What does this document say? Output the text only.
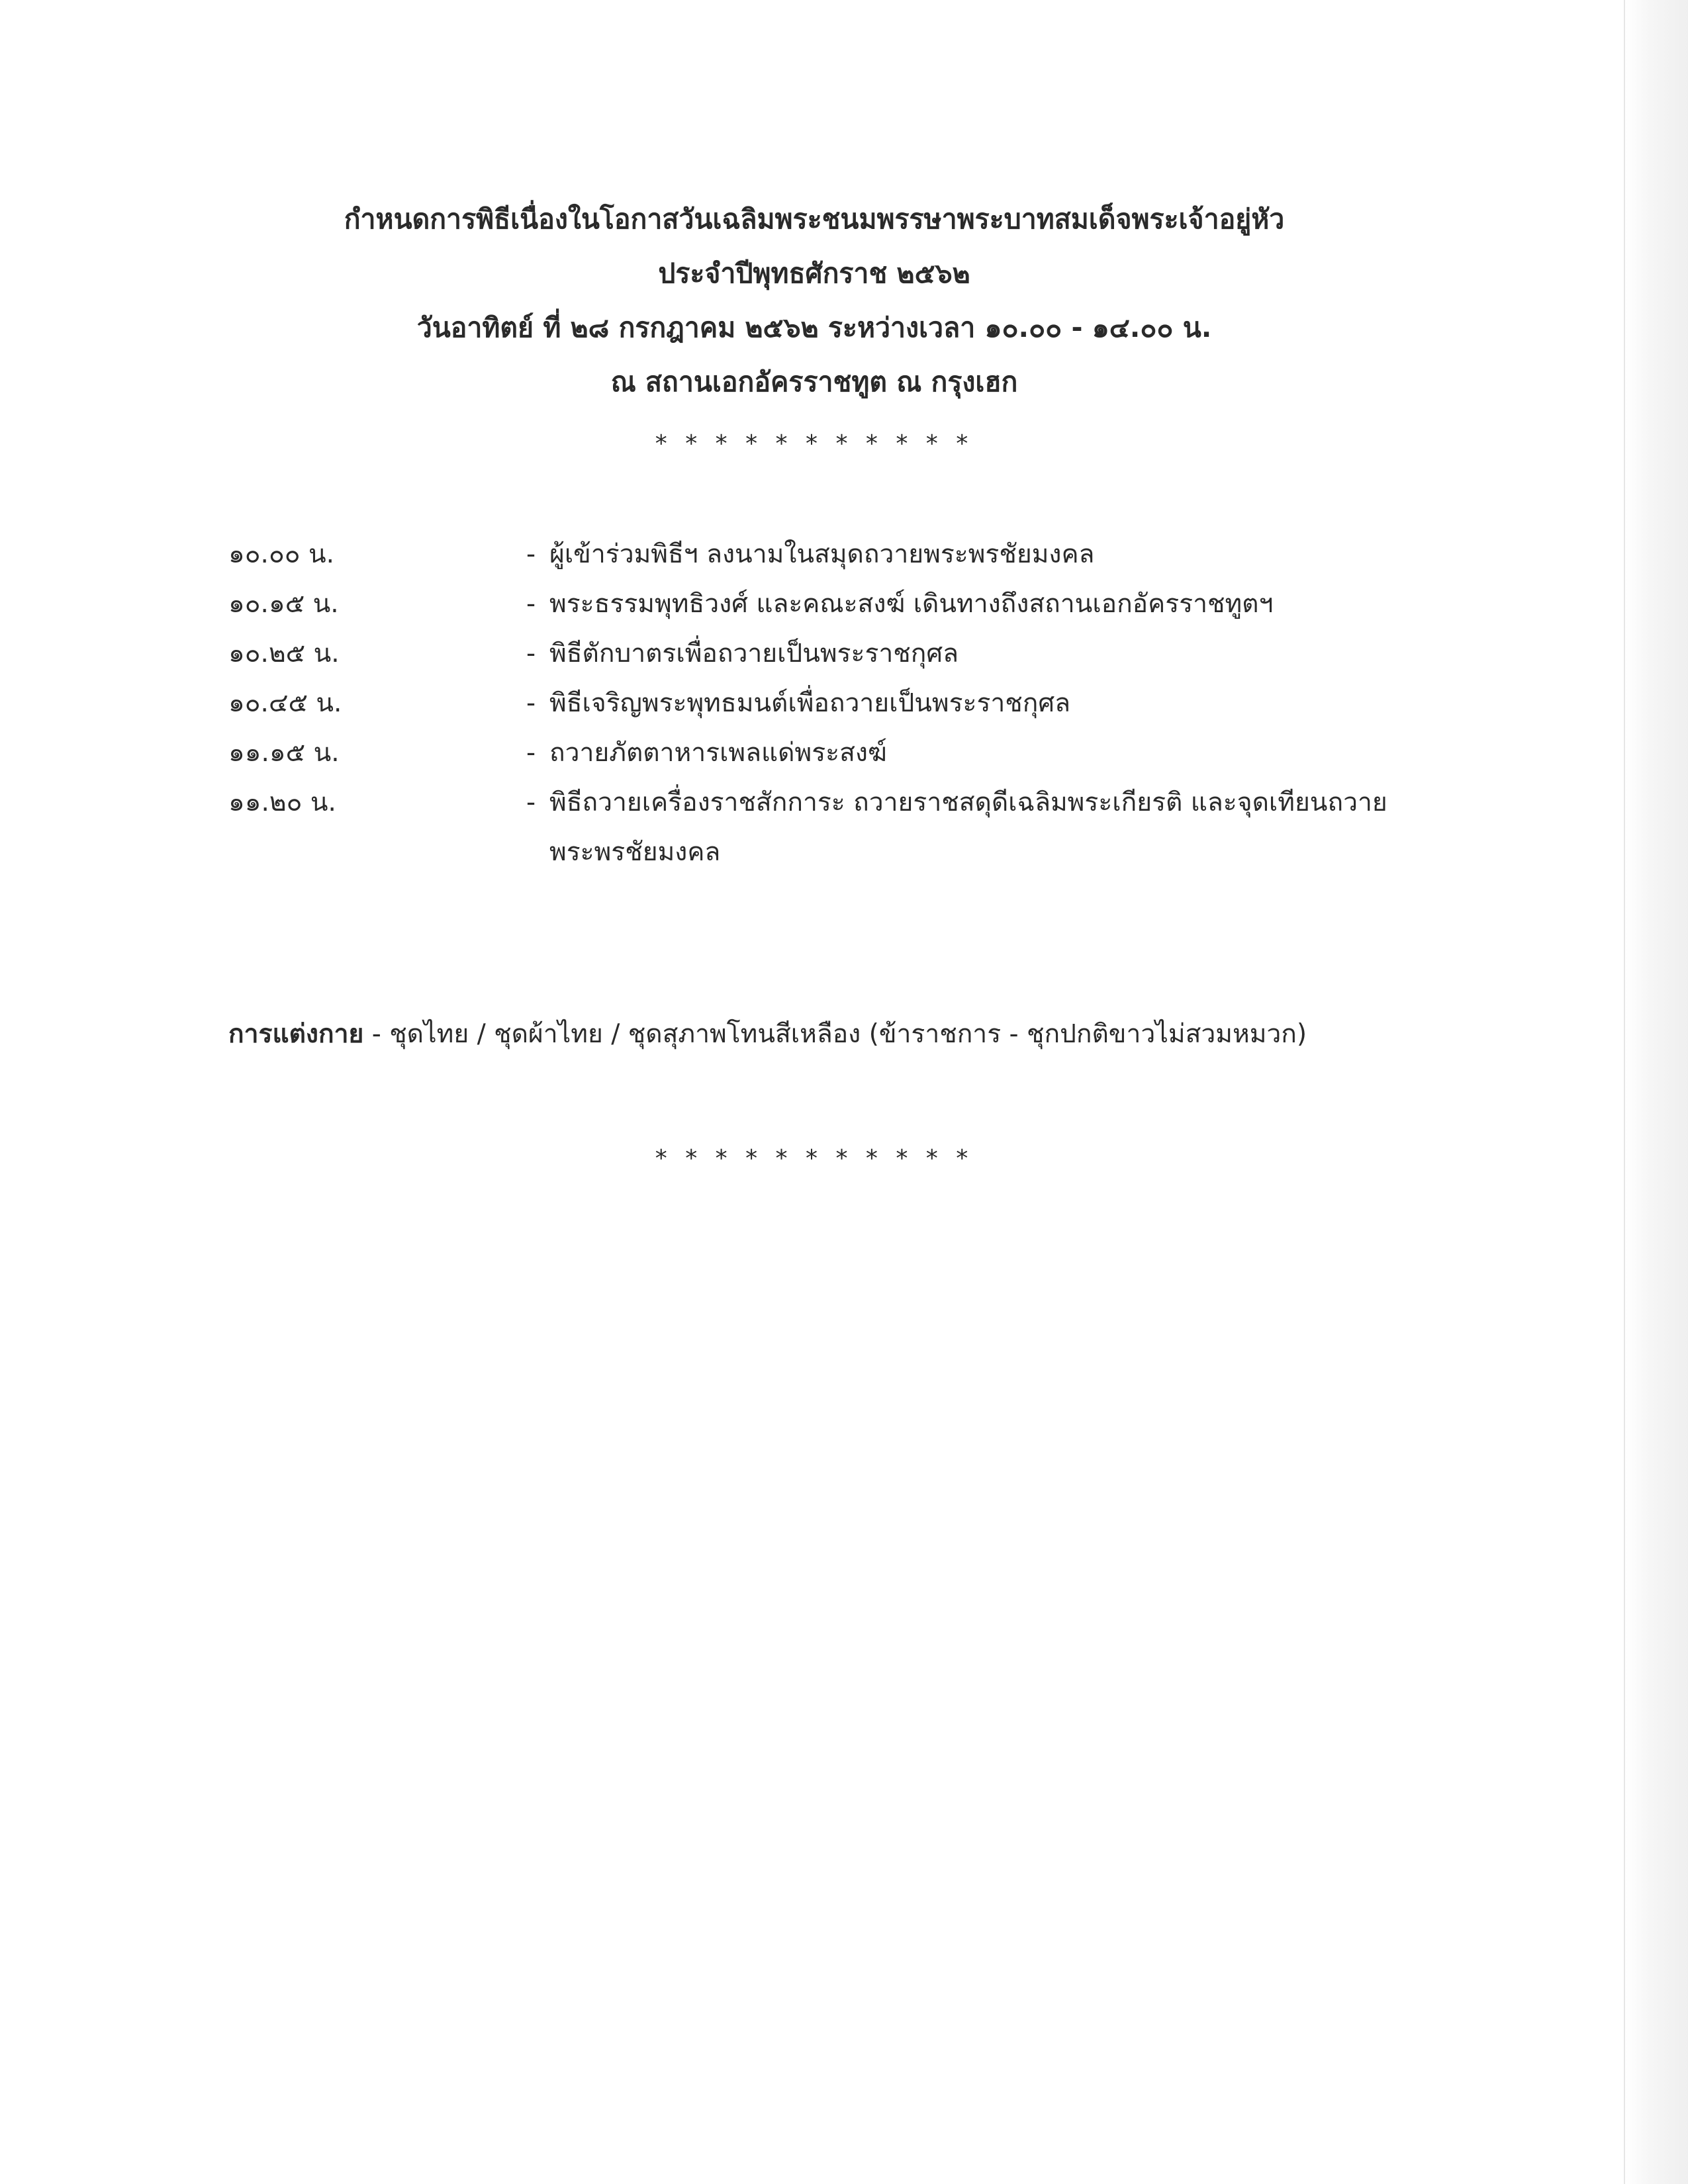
กำหนดการพิธีเนื่องในโอกาสวันเฉลิมพระชนมพรรษาพระบาทสมเด็จพระเจ้าอยู่หัว
ประจำปีพุทธศักราช ๒๕๖๒
วันอาทิตย์ ที่ ๒๘ กรกฎาคม ๒๕๖๒ ระหว่างเวลา ๑๐.๐๐ - ๑๔.๐๐ น.
ณ สถานเอกอัครราชทูต ณ กรุงเฮก
* * * * * * * * * * *
๑๐.๐๐ น.	- ผู้เข้าร่วมพิธีฯ ลงนามในสมุดถวายพระพรชัยมงคล
๑๐.๑๕ น.	- พระธรรมพุทธิวงศ์ และคณะสงฆ์ เดินทางถึงสถานเอกอัครราชทูตฯ
๑๐.๒๕ น.	- พิธีตักบาตรเพื่อถวายเป็นพระราชกุศล
๑๐.๔๕ น.	- พิธีเจริญพระพุทธมนต์เพื่อถวายเป็นพระราชกุศล
๑๑.๑๕ น.	- ถวายภัตตาหารเพลแด่พระสงฆ์
๑๑.๒๐ น.	- พิธีถวายเครื่องราชสักการะ ถวายราชสดุดีเฉลิมพระเกียรติ และจุดเทียนถวาย
พระพรชัยมงคล
การแต่งกาย - ชุดไทย / ชุดผ้าไทย / ชุดสุภาพโทนสีเหลือง (ข้าราชการ - ชุกปกติขาวไม่สวมหมวก)
* * * * * * * * * * *
